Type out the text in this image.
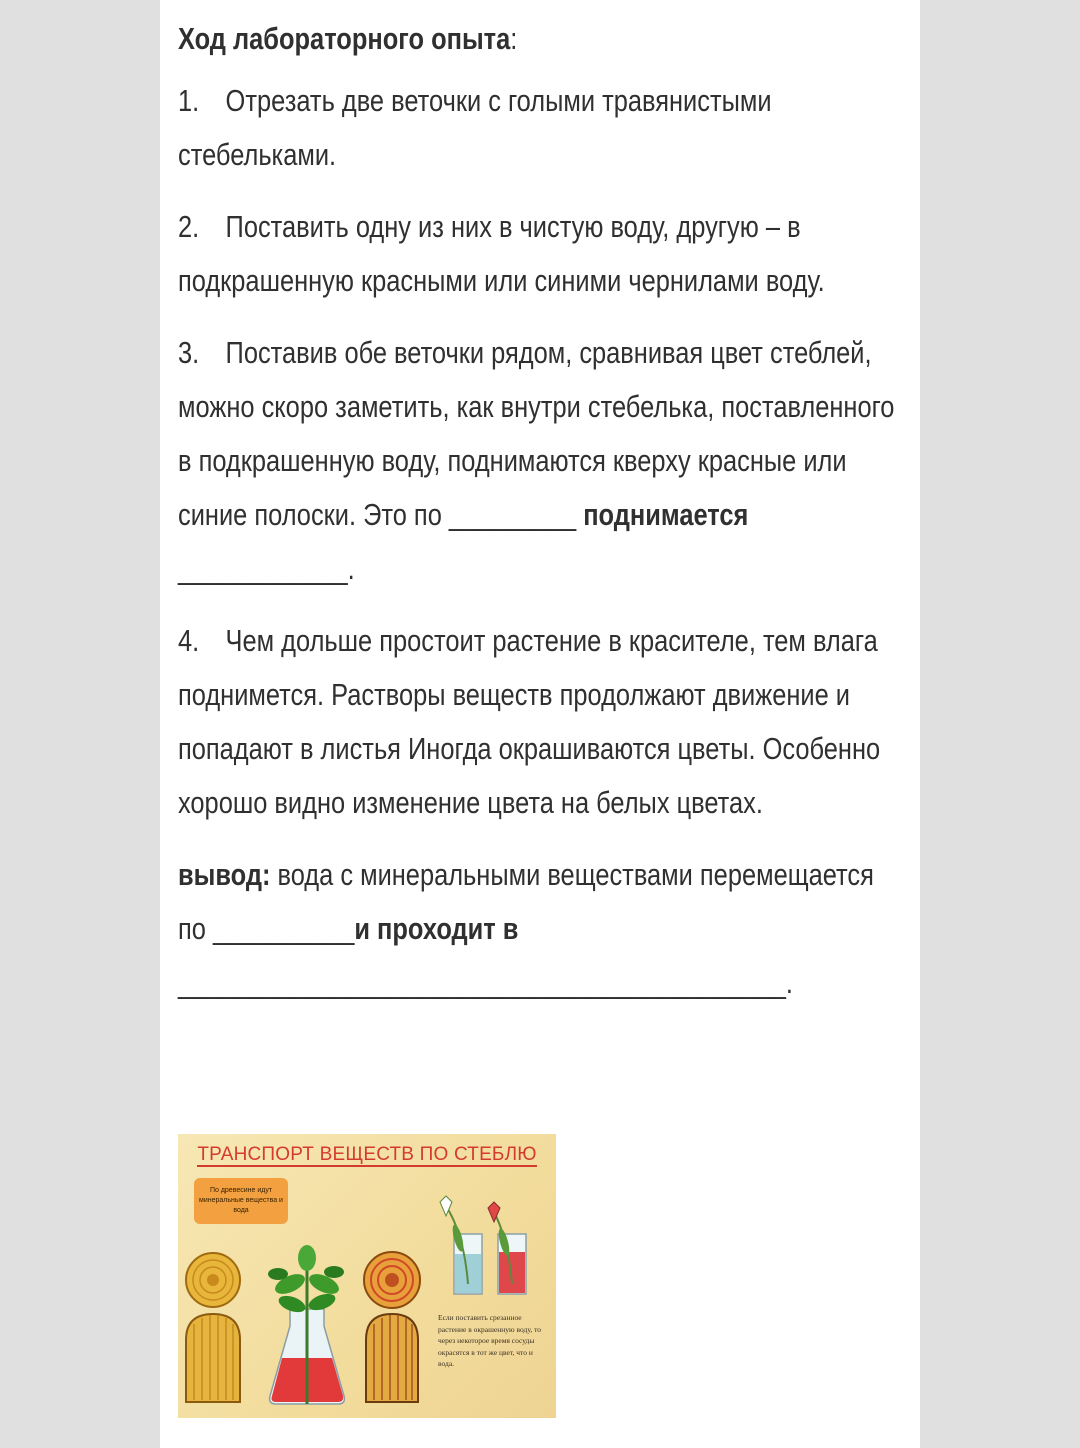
Ход лабораторного опыта:

1. Отрезать две веточки с голыми травянистыми стебельками.

2. Поставить одну из них в чистую воду, другую – в подкрашенную красными или синими чернилами воду.

3. Поставив обе веточки рядом, сравнивая цвет стеблей, можно скоро заметить, как внутри стебелька, поставленного в подкрашенную воду, поднимаются кверху красные или синие полоски. Это по _________ поднимается ____________.

4. Чем дольше простоит растение в красителе, тем влага поднимется. Растворы веществ продолжают движение и попадают в листья Иногда окрашиваются цветы. Особенно хорошо видно изменение цвета на белых цветах.

вывод: вода с минеральными веществами перемещается по __________и проходит в
___________________________________________.

ТРАНСПОРТ ВЕЩЕСТВ ПО СТЕБЛЮ
По древесине идут минеральные вещества и вода
Если поставить срезанное растение в окрашенную воду, то через некоторое время сосуды окрасятся в тот же цвет, что и вода.
